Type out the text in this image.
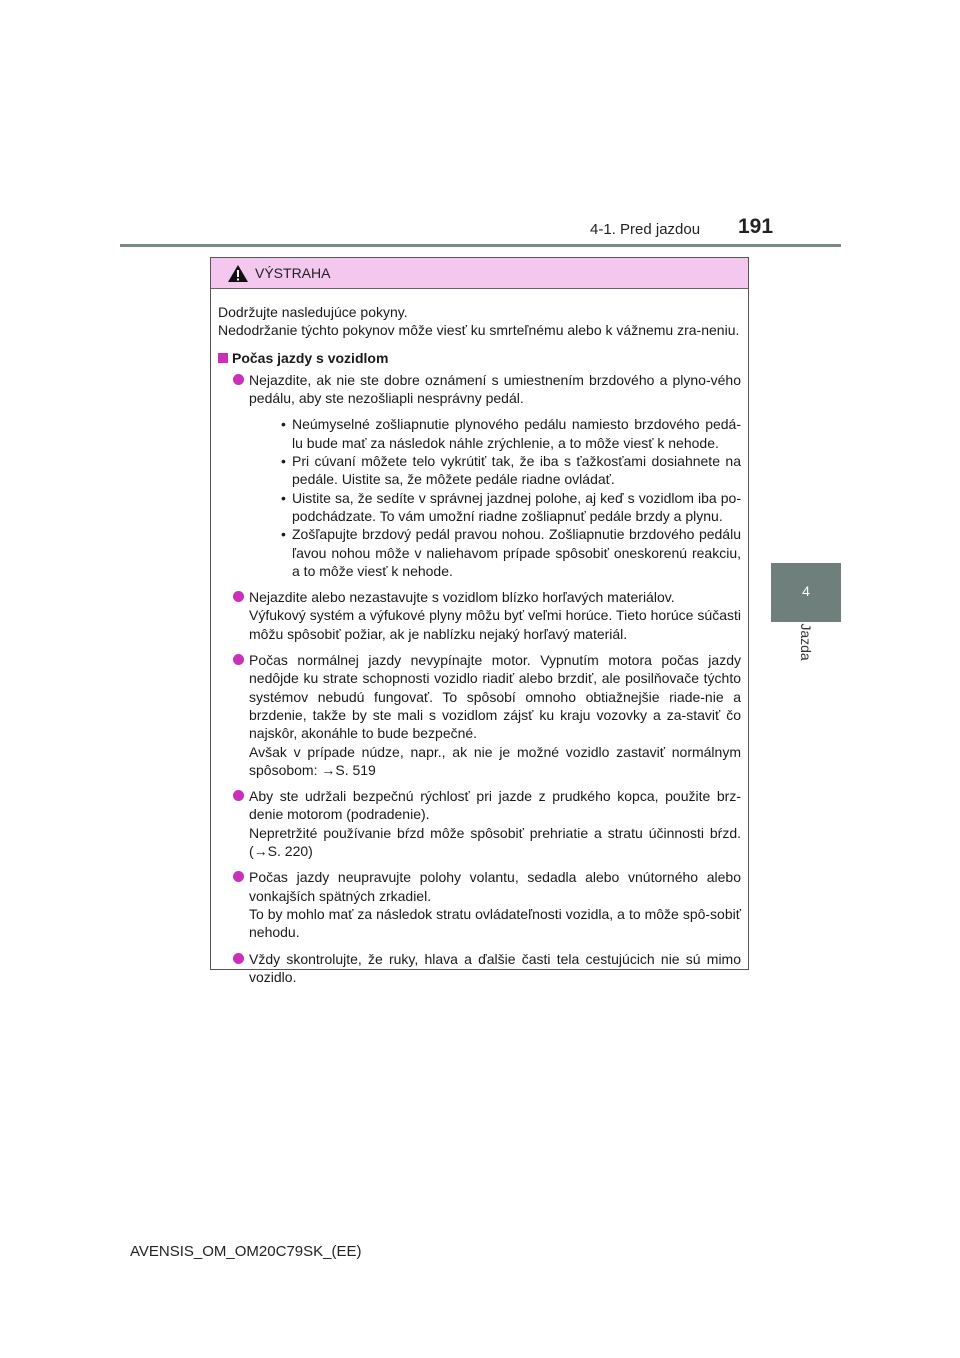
4-1. Pred jazdou 191
4
Jazda
VÝSTRAHA
Dodržujte nasledujúce pokyny.
Nedodržanie týchto pokynov môže viesť ku smrteľnému alebo k vážnemu zra-neniu.
Počas jazdy s vozidlom
Nejazdite, ak nie ste dobre oznámení s umiestnením brzdového a plyno-vého pedálu, aby ste nezošliapli nesprávny pedál.
• Neúmyselné zošliapnutie plynového pedálu namiesto brzdového pedá-lu bude mať za následok náhle zrýchlenie, a to môže viesť k nehode.
• Pri cúvaní môžete telo vykrútiť tak, že iba s ťažkosťami dosiahnete na pedále. Uistite sa, že môžete pedále riadne ovládať.
• Uistite sa, že sedíte v správnej jazdnej polohe, aj keď s vozidlom iba po-podchádzate. To vám umožní riadne zošliapnuť pedále brzdy a plynu.
• Zošľapujte brzdový pedál pravou nohou. Zošliapnutie brzdového pedálu ľavou nohou môže v naliehavom prípade spôsobiť oneskorenú reakciu, a to môže viesť k nehode.
Nejazdite alebo nezastavujte s vozidlom blízko horľavých materiálov.
Výfukový systém a výfukové plyny môžu byť veľmi horúce. Tieto horúce súčasti môžu spôsobiť požiar, ak je nablízku nejaký horľavý materiál.
Počas normálnej jazdy nevypínajte motor. Vypnutím motora počas jazdy nedôjde ku strate schopnosti vozidlo riadiť alebo brzdiť, ale posilňovače týchto systémov nebudú fungovať. To spôsobí omnoho obtiažnejšie riade-nie a brzdenie, takže by ste mali s vozidlom zájsť ku kraju vozovky a za-staviť čo najskôr, akonáhle to bude bezpečné.
Avšak v prípade núdze, napr., ak nie je možné vozidlo zastaviť normálnym spôsobom: →S. 519
Aby ste udržali bezpečnú rýchlosť pri jazde z prudkého kopca, použite brz-denie motorom (podradenie).
Nepretržité používanie bŕzd môže spôsobiť prehriatie a stratu účinnosti bŕzd. (→S. 220)
Počas jazdy neupravujte polohy volantu, sedadla alebo vnútorného alebo vonkajších spätných zrkadiel.
To by mohlo mať za následok stratu ovládateľnosti vozidla, a to môže spô-sobiť nehodu.
Vždy skontrolujte, že ruky, hlava a ďalšie časti tela cestujúcich nie sú mimo vozidlo.
AVENSIS_OM_OM20C79SK_(EE)
